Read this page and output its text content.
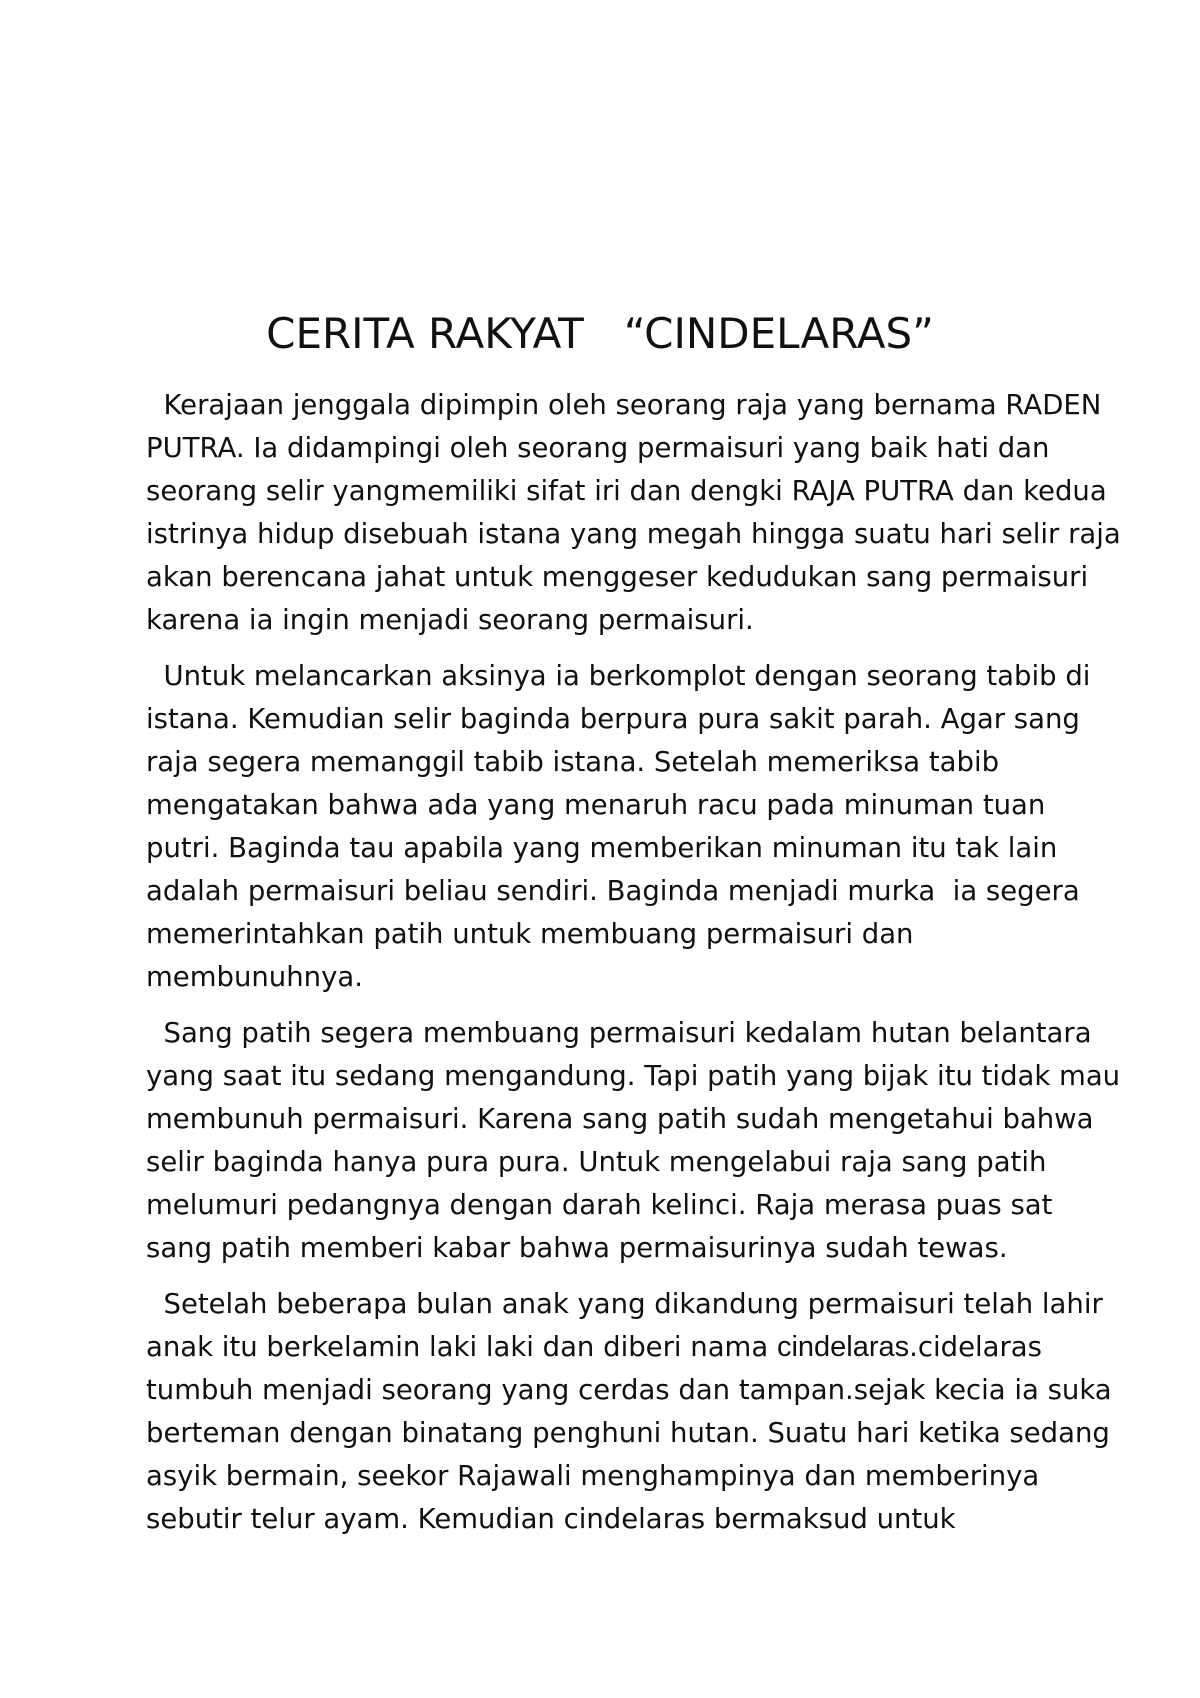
CERITA RAKYAT   “CINDELARAS”
Kerajaan jenggala dipimpin oleh seorang raja yang bernama RADEN
PUTRA. Ia didampingi oleh seorang permaisuri yang baik hati dan
seorang selir yangmemiliki sifat iri dan dengki RAJA PUTRA dan kedua
istrinya hidup disebuah istana yang megah hingga suatu hari selir raja
akan berencana jahat untuk menggeser kedudukan sang permaisuri
karena ia ingin menjadi seorang permaisuri.
Untuk melancarkan aksinya ia berkomplot dengan seorang tabib di
istana. Kemudian selir baginda berpura pura sakit parah. Agar sang
raja segera memanggil tabib istana. Setelah memeriksa tabib
mengatakan bahwa ada yang menaruh racu pada minuman tuan
putri. Baginda tau apabila yang memberikan minuman itu tak lain
adalah permaisuri beliau sendiri. Baginda menjadi murka  ia segera
memerintahkan patih untuk membuang permaisuri dan
membunuhnya.
Sang patih segera membuang permaisuri kedalam hutan belantara
yang saat itu sedang mengandung. Tapi patih yang bijak itu tidak mau
membunuh permaisuri. Karena sang patih sudah mengetahui bahwa
selir baginda hanya pura pura. Untuk mengelabui raja sang patih
melumuri pedangnya dengan darah kelinci. Raja merasa puas sat
sang patih memberi kabar bahwa permaisurinya sudah tewas.
Setelah beberapa bulan anak yang dikandung permaisuri telah lahir
anak itu berkelamin laki laki dan diberi nama cindelaras.cidelaras
tumbuh menjadi seorang yang cerdas dan tampan.sejak kecia ia suka
berteman dengan binatang penghuni hutan. Suatu hari ketika sedang
asyik bermain, seekor Rajawali menghampinya dan memberinya
sebutir telur ayam. Kemudian cindelaras bermaksud untuk
